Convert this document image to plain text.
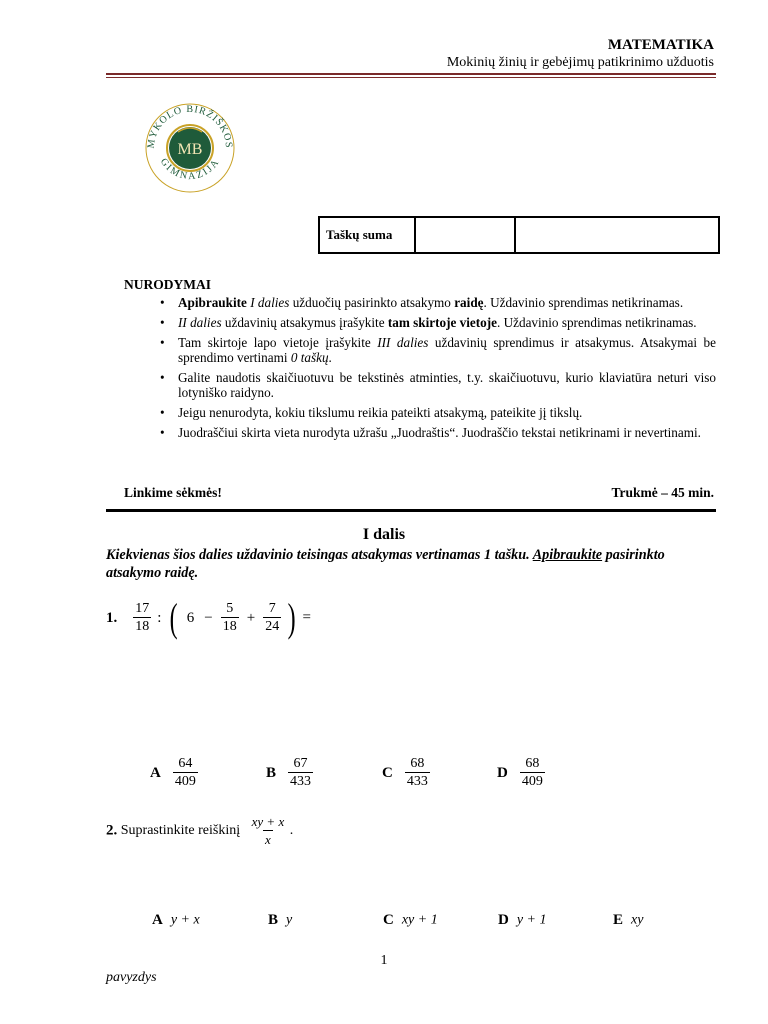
MATEMATIKA
Mokinių žinių ir gebėjimų patikrinimo užduotis
MYKOLO BIRŽIŠKOS
GIMNAZIJA
MB
Taškų suma		
NURODYMAI
• Apibraukite I dalies užduočių pasirinkto atsakymo raidę. Uždavinio sprendimas netikrinamas.
• II dalies uždavinių atsakymus įrašykite tam skirtoje vietoje. Uždavinio sprendimas netikrinamas.
• Tam skirtoje lapo vietoje įrašykite III dalies uždavinių sprendimus ir atsakymus. Atsakymai be sprendimo vertinami 0 taškų.
• Galite naudotis skaičiuotuvu be tekstinės atminties, t.y. skaičiuotuvu, kurio klaviatūra neturi viso lotyniško raidyno.
• Jeigu nenurodyta, kokiu tikslumu reikia pateikti atsakymą, pateikite jį tikslų.
• Juodraščiui skirta vieta nurodyta užrašu „Juodraštis“. Juodraščio tekstai netikrinami ir nevertinami.
Linkime sėkmės!	Trukmė – 45 min.
I dalis
Kiekvienas šios dalies uždavinio teisingas atsakymas vertinamas 1 tašku. Apibraukite pasirinkto atsakymo raidę.
1. $\frac{17}{18}$ : ( $6 - \frac{5}{18} + \frac{7}{24}$ ) =
A $\frac{64}{409}$	B $\frac{67}{433}$	C $\frac{68}{433}$	D $\frac{68}{409}$
2. Suprastinkite reiškinį $\frac{xy + x}{x}$ .
A y + x	B y	C xy + 1	D y + 1	E xy
1
pavyzdys
